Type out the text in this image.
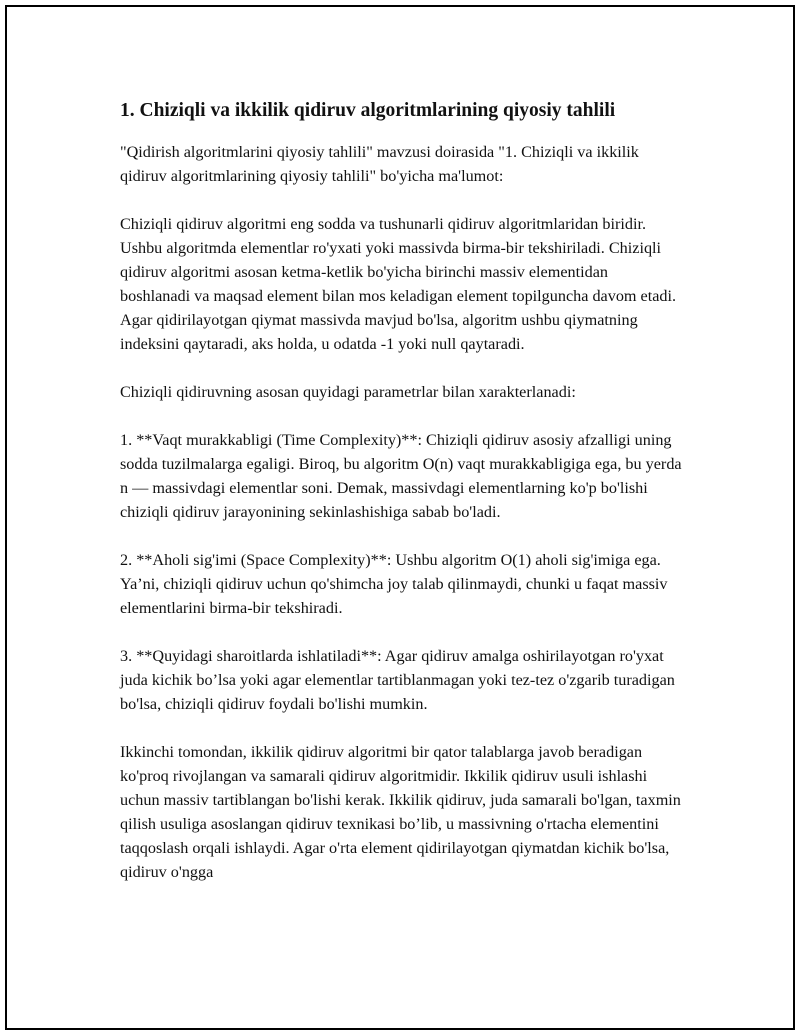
1. Chiziqli va ikkilik qidiruv algoritmlarining qiyosiy tahlili

"Qidirish algoritmlarini qiyosiy tahlili" mavzusi doirasida "1. Chiziqli va ikkilik qidiruv algoritmlarining qiyosiy tahlili" bo'yicha ma'lumot:

Chiziqli qidiruv algoritmi eng sodda va tushunarli qidiruv algoritmlaridan biridir. Ushbu algoritmda elementlar ro'yxati yoki massivda birma-bir tekshiriladi. Chiziqli qidiruv algoritmi asosan ketma-ketlik bo'yicha birinchi massiv elementidan boshlanadi va maqsad element bilan mos keladigan element topilguncha davom etadi. Agar qidirilayotgan qiymat massivda mavjud bo'lsa, algoritm ushbu qiymatning indeksini qaytaradi, aks holda, u odatda -1 yoki null qaytaradi.

Chiziqli qidiruvning asosan quyidagi parametrlar bilan xarakterlanadi:

1. **Vaqt murakkabligi (Time Complexity)**: Chiziqli qidiruv asosiy afzalligi uning sodda tuzilmalarga egaligi. Biroq, bu algoritm O(n) vaqt murakkabligiga ega, bu yerda n — massivdagi elementlar soni. Demak, massivdagi elementlarning ko'p bo'lishi chiziqli qidiruv jarayonining sekinlashishiga sabab bo'ladi.

2. **Aholi sig'imi (Space Complexity)**: Ushbu algoritm O(1) aholi sig'imiga ega. Ya’ni, chiziqli qidiruv uchun qo'shimcha joy talab qilinmaydi, chunki u faqat massiv elementlarini birma-bir tekshiradi.

3. **Quyidagi sharoitlarda ishlatiladi**: Agar qidiruv amalga oshirilayotgan ro'yxat juda kichik bo’lsa yoki agar elementlar tartiblanmagan yoki tez-tez o'zgarib turadigan bo'lsa, chiziqli qidiruv foydali bo'lishi mumkin.

Ikkinchi tomondan, ikkilik qidiruv algoritmi bir qator talablarga javob beradigan ko'proq rivojlangan va samarali qidiruv algoritmidir. Ikkilik qidiruv usuli ishlashi uchun massiv tartiblangan bo'lishi kerak. Ikkilik qidiruv, juda samarali bo'lgan, taxmin qilish usuliga asoslangan qidiruv texnikasi bo’lib, u massivning o'rtacha elementini taqqoslash orqali ishlaydi. Agar o'rta element qidirilayotgan qiymatdan kichik bo'lsa, qidiruv o'ngga
